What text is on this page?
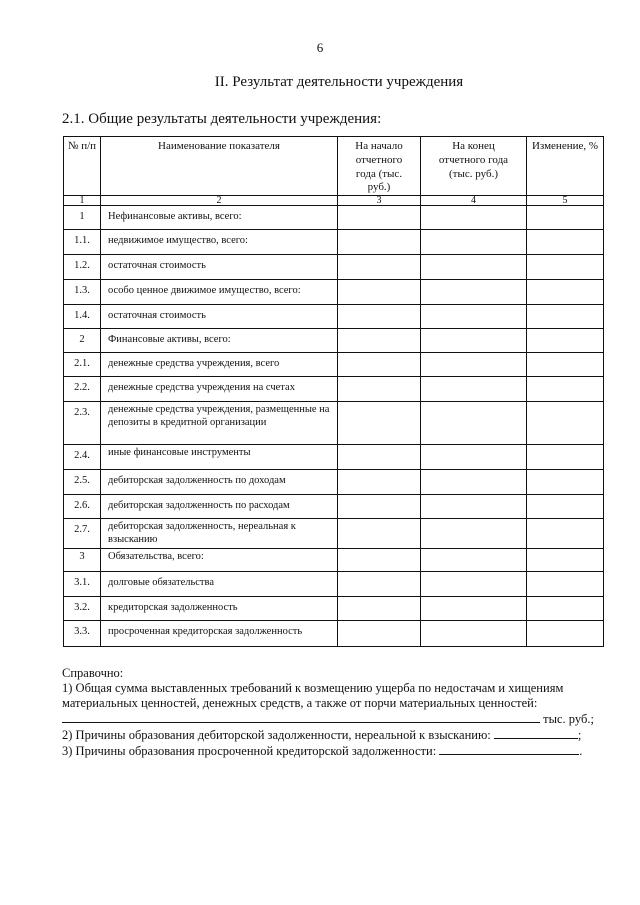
6
II. Результат деятельности учреждения
2.1. Общие результаты деятельности учреждения:
№ п/п	Наименование показателя	На начало отчетного года (тыс. руб.)	На конец отчетного года (тыс. руб.)	Изменение, %
1	2	3	4	5
1	Нефинансовые активы, всего:			
1.1.	недвижимое имущество, всего:			
1.2.	остаточная стоимость			
1.3.	особо ценное движимое имущество, всего:			
1.4.	остаточная стоимость			
2	Финансовые активы, всего:			
2.1.	денежные средства учреждения, всего			
2.2.	денежные средства учреждения на счетах			
2.3.	денежные средства учреждения, размещенные на депозиты в кредитной организации			
2.4.	иные финансовые инструменты			
2.5.	дебиторская задолженность по доходам			
2.6.	дебиторская задолженность по расходам			
2.7.	дебиторская задолженность, нереальная к взысканию			
3	Обязательства, всего:			
3.1.	долговые обязательства			
3.2.	кредиторская задолженность			
3.3.	просроченная кредиторская задолженность			

Справочно:

1) Общая сумма выставленных требований к возмещению ущерба по недостачам и хищениям материальных ценностей, денежных средств, а также от порчи материальных ценностей:

тыс. руб.;

2) Причины образования дебиторской задолженности, нереальной к взысканию:	;

3) Причины образования просроченной кредиторской задолженности:	.
